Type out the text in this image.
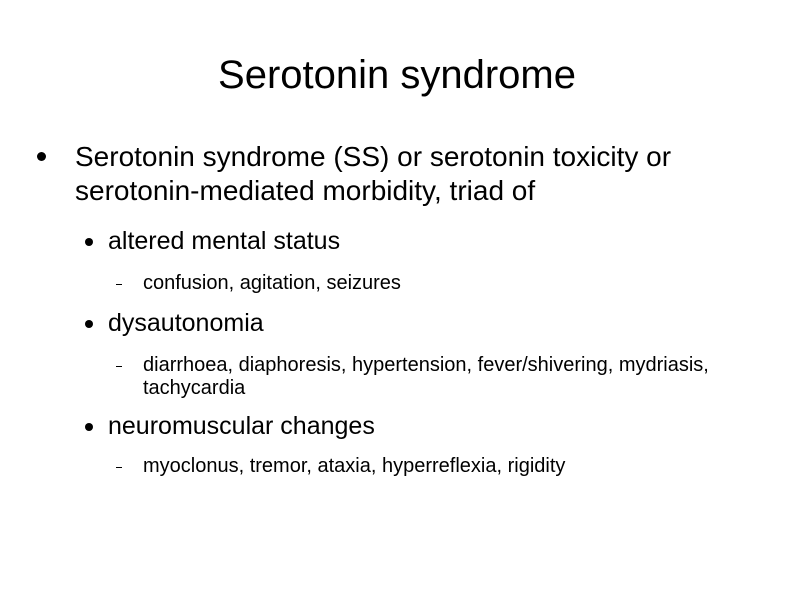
Serotonin syndrome
Serotonin syndrome (SS) or serotonin toxicity or serotonin-mediated morbidity, triad of
altered mental status
confusion, agitation, seizures
dysautonomia
diarrhoea, diaphoresis, hypertension, fever/shivering, mydriasis, tachycardia
neuromuscular changes
myoclonus, tremor, ataxia, hyperreflexia, rigidity
